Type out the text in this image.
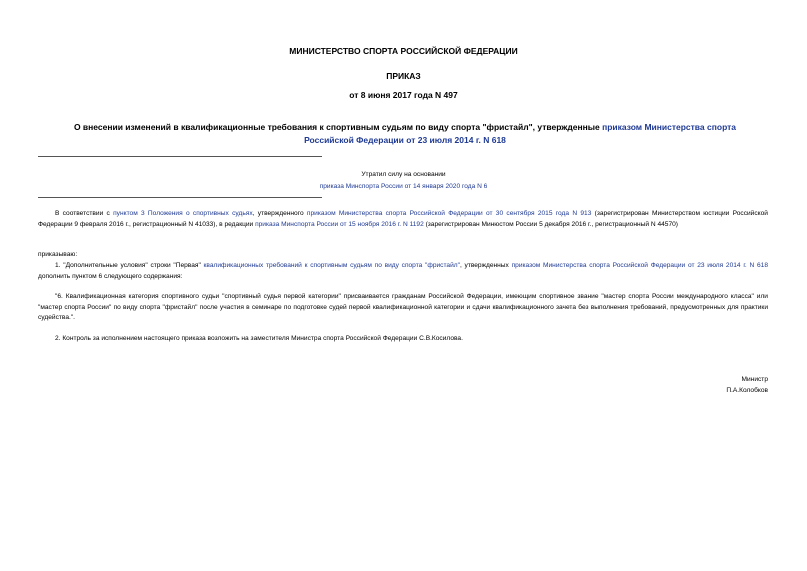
МИНИСТЕРСТВО СПОРТА РОССИЙСКОЙ ФЕДЕРАЦИИ
ПРИКАЗ
от 8 июня 2017 года N 497
О внесении изменений в квалификационные требования к спортивным судьям по виду спорта "фристайл", утвержденные приказом Министерства спорта Российской Федерации от 23 июля 2014 г. N 618
Утратил силу на основании
приказа Минспорта России от 14 января 2020 года N 6
В соответствии с пунктом 3 Положения о спортивных судьях, утвержденного приказом Министерства спорта Российской Федерации от 30 сентября 2015 года N 913 (зарегистрирован Министерством юстиции Российской Федерации 9 февраля 2016 г., регистрационный N 41033), в редакции приказа Минспорта России от 15 ноября 2016 г. N 1192 (зарегистрирован Минюстом России 5 декабря 2016 г., регистрационный N 44570)
приказываю:
1. "Дополнительные условия" строки "Первая" квалификационных требований к спортивным судьям по виду спорта "фристайл", утвержденных приказом Министерства спорта Российской Федерации от 23 июля 2014 г. N 618 дополнить пунктом 6 следующего содержания:
"6. Квалификационная категория спортивного судьи "спортивный судья первой категории" присваивается гражданам Российской Федерации, имеющим спортивное звание "мастер спорта России международного класса" или "мастер спорта России" по виду спорта "фристайл" после участия в семинаре по подготовке судей первой квалификационной категории и сдачи квалификационного зачета без выполнения требований, предусмотренных для практики судейства.".
2. Контроль за исполнением настоящего приказа возложить на заместителя Министра спорта Российской Федерации С.В.Косилова.
Министр
П.А.Колобков
